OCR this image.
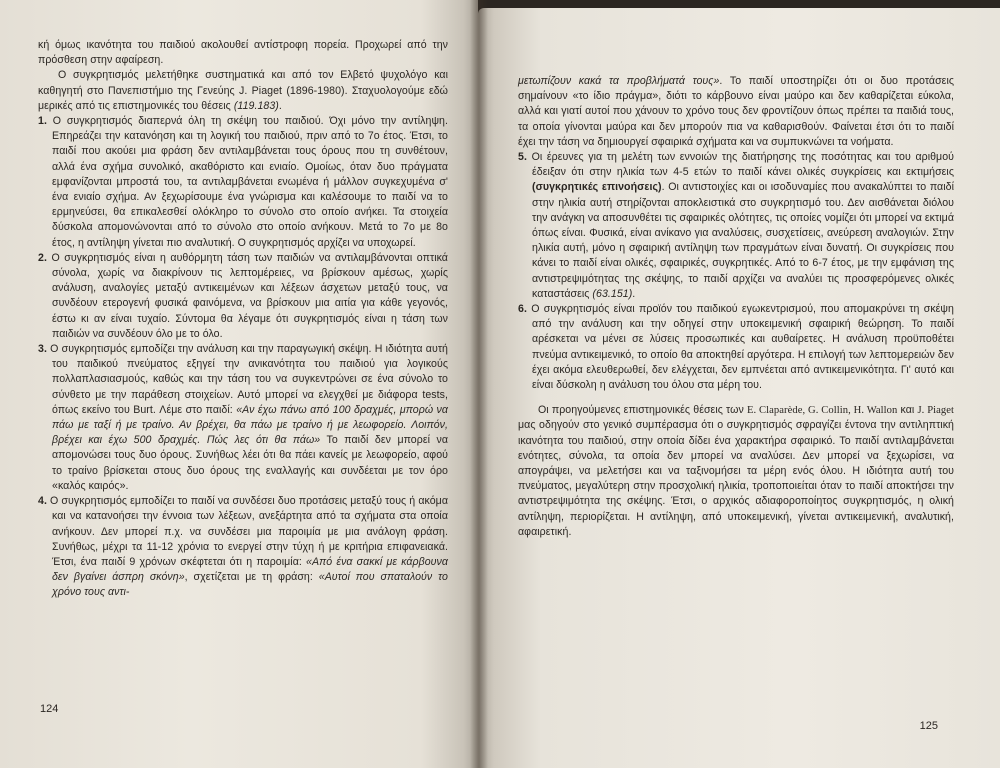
κή όμως ικανότητα του παιδιού ακολουθεί αντίστροφη πορεία. Προχωρεί από την πρόσθεση στην αφαίρεση.

Ο συγκρητισμός μελετήθηκε συστηματικά και από τον Ελβετό ψυχολόγο και καθηγητή στο Πανεπιστήμιο της Γενεύης J. Piaget (1896-1980). Σταχυολογούμε εδώ μερικές από τις επιστημονικές του θέσεις (119.183).

1. Ο συγκρητισμός διαπερνά όλη τη σκέψη του παιδιού. Όχι μόνο την αντίληψη. Επηρεάζει την κατανόηση και τη λογική του παιδιού, πριν από το 7ο έτος. Έτσι, το παιδί που ακούει μια φράση δεν αντιλαμβάνεται τους όρους που τη συνθέτουν, αλλά ένα σχήμα συνολικό, ακαθόριστο και ενιαίο. Ομοίως, όταν δυο πράγματα εμφανίζονται μπροστά του, τα αντιλαμβάνεται ενωμένα ή μάλλον συγκεχυμένα σ' ένα ενιαίο σχήμα. Αν ξεχωρίσουμε ένα γνώρισμα και καλέσουμε το παιδί να το ερμηνεύσει, θα επικαλεσθεί ολόκληρο το σύνολο στο οποίο ανήκει. Τα στοιχεία δύσκολα απομονώνονται από το σύνολο στο οποίο ανήκουν. Μετά το 7ο με 8ο έτος, η αντίληψη γίνεται πιο αναλυτική. Ο συγκρητισμός αρχίζει να υποχωρεί.

2. Ο συγκρητισμός είναι η αυθόρμητη τάση των παιδιών να αντιλαμβάνονται οπτικά σύνολα, χωρίς να διακρίνουν τις λεπτομέρειες, να βρίσκουν αμέσως, χωρίς ανάλυση, αναλογίες μεταξύ αντικειμένων και λέξεων άσχετων μεταξύ τους, να συνδέουν ετερογενή φυσικά φαινόμενα, να βρίσκουν μια αιτία για κάθε γεγονός, έστω κι αν είναι τυχαίο. Σύντομα θα λέγαμε ότι συγκρητισμός είναι η τάση των παιδιών να συνδέουν όλο με το όλο.

3. Ο συγκρητισμός εμποδίζει την ανάλυση και την παραγωγική σκέψη. Η ιδιότητα αυτή του παιδικού πνεύματος εξηγεί την ανικανότητα του παιδιού για λογικούς πολλαπλασιασμούς, καθώς και την τάση του να συγκεντρώνει σε ένα σύνολο το σύνθετο με την παράθεση στοιχείων. Αυτό μπορεί να ελεγχθεί με διάφορα tests, όπως εκείνο του Burt. Λέμε στο παιδί: «Αν έχω πάνω από 100 δραχμές, μπορώ να πάω με ταξί ή με τραίνο. Αν βρέχει, θα πάω με τραίνο ή με λεωφορείο. Λοιπόν, βρέχει και έχω 500 δραχμές. Πώς λες ότι θα πάω» Το παιδί δεν μπορεί να απομονώσει τους δυο όρους. Συνήθως λέει ότι θα πάει κανείς με λεωφορείο, αφού το τραίνο βρίσκεται στους δυο όρους της εναλλαγής και συνδέεται με τον όρο «καλός καιρός».

4. Ο συγκρητισμός εμποδίζει το παιδί να συνδέσει δυο προτάσεις μεταξύ τους ή ακόμα και να κατανοήσει την έννοια των λέξεων, ανεξάρτητα από τα σχήματα στα οποία ανήκουν. Δεν μπορεί π.χ. να συνδέσει μια παροιμία με μια ανάλογη φράση. Συνήθως, μέχρι τα 11-12 χρόνια το ενεργεί στην τύχη ή με κριτήρια επιφανειακά. Έτσι, ένα παιδί 9 χρόνων σκέφτεται ότι η παροιμία: «Από ένα σακκί με κάρβουνα δεν βγαίνει άσπρη σκόνη», σχετίζεται με τη φράση: «Αυτοί που σπαταλούν το χρόνο τους αντι-

124

μετωπίζουν κακά τα προβλήματά τους». Το παιδί υποστηρίζει ότι οι δυο προτάσεις σημαίνουν «το ίδιο πράγμα», διότι το κάρβουνο είναι μαύρο και δεν καθαρίζεται εύκολα, αλλά και γιατί αυτοί που χάνουν το χρόνο τους δεν φροντίζουν όπως πρέπει τα παιδιά τους, τα οποία γίνονται μαύρα και δεν μπορούν πια να καθαρισθούν. Φαίνεται έτσι ότι το παιδί έχει την τάση να δημιουργεί σφαιρικά σχήματα και να συμπυκνώνει τα νοήματα.

5. Οι έρευνες για τη μελέτη των εννοιών της διατήρησης της ποσότητας και του αριθμού έδειξαν ότι στην ηλικία των 4-5 ετών το παιδί κάνει ολικές συγκρίσεις και εκτιμήσεις (συγκρητικές επινοήσεις). Οι αντιστοιχίες και οι ισοδυναμίες που ανακαλύπτει το παιδί στην ηλικία αυτή στηρίζονται αποκλειστικά στο συγκρητισμό του. Δεν αισθάνεται διόλου την ανάγκη να αποσυνθέτει τις σφαιρικές ολότητες, τις οποίες νομίζει ότι μπορεί να εκτιμά όπως είναι. Φυσικά, είναι ανίκανο για αναλύσεις, συσχετίσεις, ανεύρεση αναλογιών. Στην ηλικία αυτή, μόνο η σφαιρική αντίληψη των πραγμάτων είναι δυνατή. Οι συγκρίσεις που κάνει το παιδί είναι ολικές, σφαιρικές, συγκρητικές. Από το 6-7 έτος, με την εμφάνιση της αντιστρεψιμότητας της σκέψης, το παιδί αρχίζει να αναλύει τις προσφερόμενες ολικές καταστάσεις (63.151).

6. Ο συγκρητισμός είναι προϊόν του παιδικού εγωκεντρισμού, που απομακρύνει τη σκέψη από την ανάλυση και την οδηγεί στην υποκειμενική σφαιρική θεώρηση. Το παιδί αρέσκεται να μένει σε λύσεις προσωπικές και αυθαίρετες. Η ανάλυση προϋποθέτει πνεύμα αντικειμενικό, το οποίο θα αποκτηθεί αργότερα. Η επιλογή των λεπτομερειών δεν έχει ακόμα ελευθερωθεί, δεν ελέγχεται, δεν εμπνέεται από αντικειμενικότητα. Γι' αυτό και είναι δύσκολη η ανάλυση του όλου στα μέρη του.

Οι προηγούμενες επιστημονικές θέσεις των E. Claparède, G. Collin, H. Wallon και J. Piaget μας οδηγούν στο γενικό συμπέρασμα ότι ο συγκρητισμός σφραγίζει έντονα την αντιληπτική ικανότητα του παιδιού, στην οποία δίδει ένα χαρακτήρα σφαιρικό. Το παιδί αντιλαμβάνεται ενότητες, σύνολα, τα οποία δεν μπορεί να αναλύσει. Δεν μπορεί να ξεχωρίσει, να απογράψει, να μελετήσει και να ταξινομήσει τα μέρη ενός όλου. Η ιδιότητα αυτή του πνεύματος, μεγαλύτερη στην προσχολική ηλικία, τροποποιείται όταν το παιδί αποκτήσει την αντιστρεψιμότητα της σκέψης. Έτσι, ο αρχικός αδιαφοροποίητος συγκρητισμός, η ολική αντίληψη, περιορίζεται. Η αντίληψη, από υποκειμενική, γίνεται αντικειμενική, αναλυτική, αφαιρετική.

125
